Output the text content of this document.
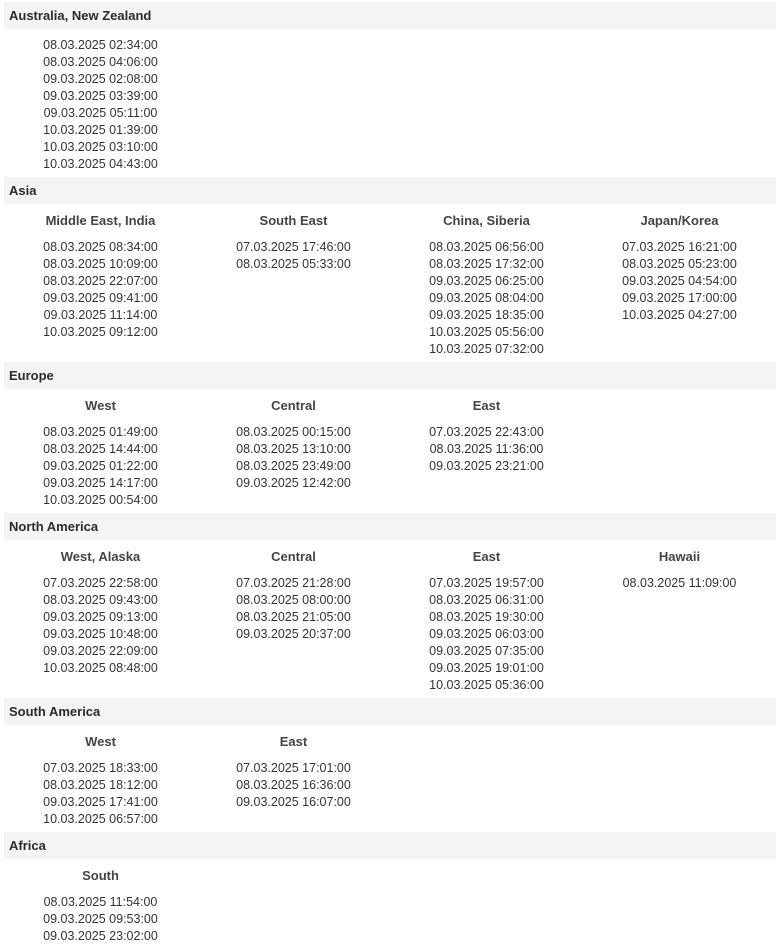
Australia, New Zealand
08.03.2025 02:34:00
08.03.2025 04:06:00
09.03.2025 02:08:00
09.03.2025 03:39:00
09.03.2025 05:11:00
10.03.2025 01:39:00
10.03.2025 03:10:00
10.03.2025 04:43:00
Asia
Middle East, India
08.03.2025 08:34:00
08.03.2025 10:09:00
08.03.2025 22:07:00
09.03.2025 09:41:00
09.03.2025 11:14:00
10.03.2025 09:12:00
South East
07.03.2025 17:46:00
08.03.2025 05:33:00
China, Siberia
08.03.2025 06:56:00
08.03.2025 17:32:00
09.03.2025 06:25:00
09.03.2025 08:04:00
09.03.2025 18:35:00
10.03.2025 05:56:00
10.03.2025 07:32:00
Japan/Korea
07.03.2025 16:21:00
08.03.2025 05:23:00
09.03.2025 04:54:00
09.03.2025 17:00:00
10.03.2025 04:27:00
Europe
West
08.03.2025 01:49:00
08.03.2025 14:44:00
09.03.2025 01:22:00
09.03.2025 14:17:00
10.03.2025 00:54:00
Central
08.03.2025 00:15:00
08.03.2025 13:10:00
08.03.2025 23:49:00
09.03.2025 12:42:00
East
07.03.2025 22:43:00
08.03.2025 11:36:00
09.03.2025 23:21:00
North America
West, Alaska
07.03.2025 22:58:00
08.03.2025 09:43:00
09.03.2025 09:13:00
09.03.2025 10:48:00
09.03.2025 22:09:00
10.03.2025 08:48:00
Central
07.03.2025 21:28:00
08.03.2025 08:00:00
08.03.2025 21:05:00
09.03.2025 20:37:00
East
07.03.2025 19:57:00
08.03.2025 06:31:00
08.03.2025 19:30:00
09.03.2025 06:03:00
09.03.2025 07:35:00
09.03.2025 19:01:00
10.03.2025 05:36:00
Hawaii
08.03.2025 11:09:00
South America
West
07.03.2025 18:33:00
08.03.2025 18:12:00
09.03.2025 17:41:00
10.03.2025 06:57:00
East
07.03.2025 17:01:00
08.03.2025 16:36:00
09.03.2025 16:07:00
Africa
South
08.03.2025 11:54:00
09.03.2025 09:53:00
09.03.2025 23:02:00
